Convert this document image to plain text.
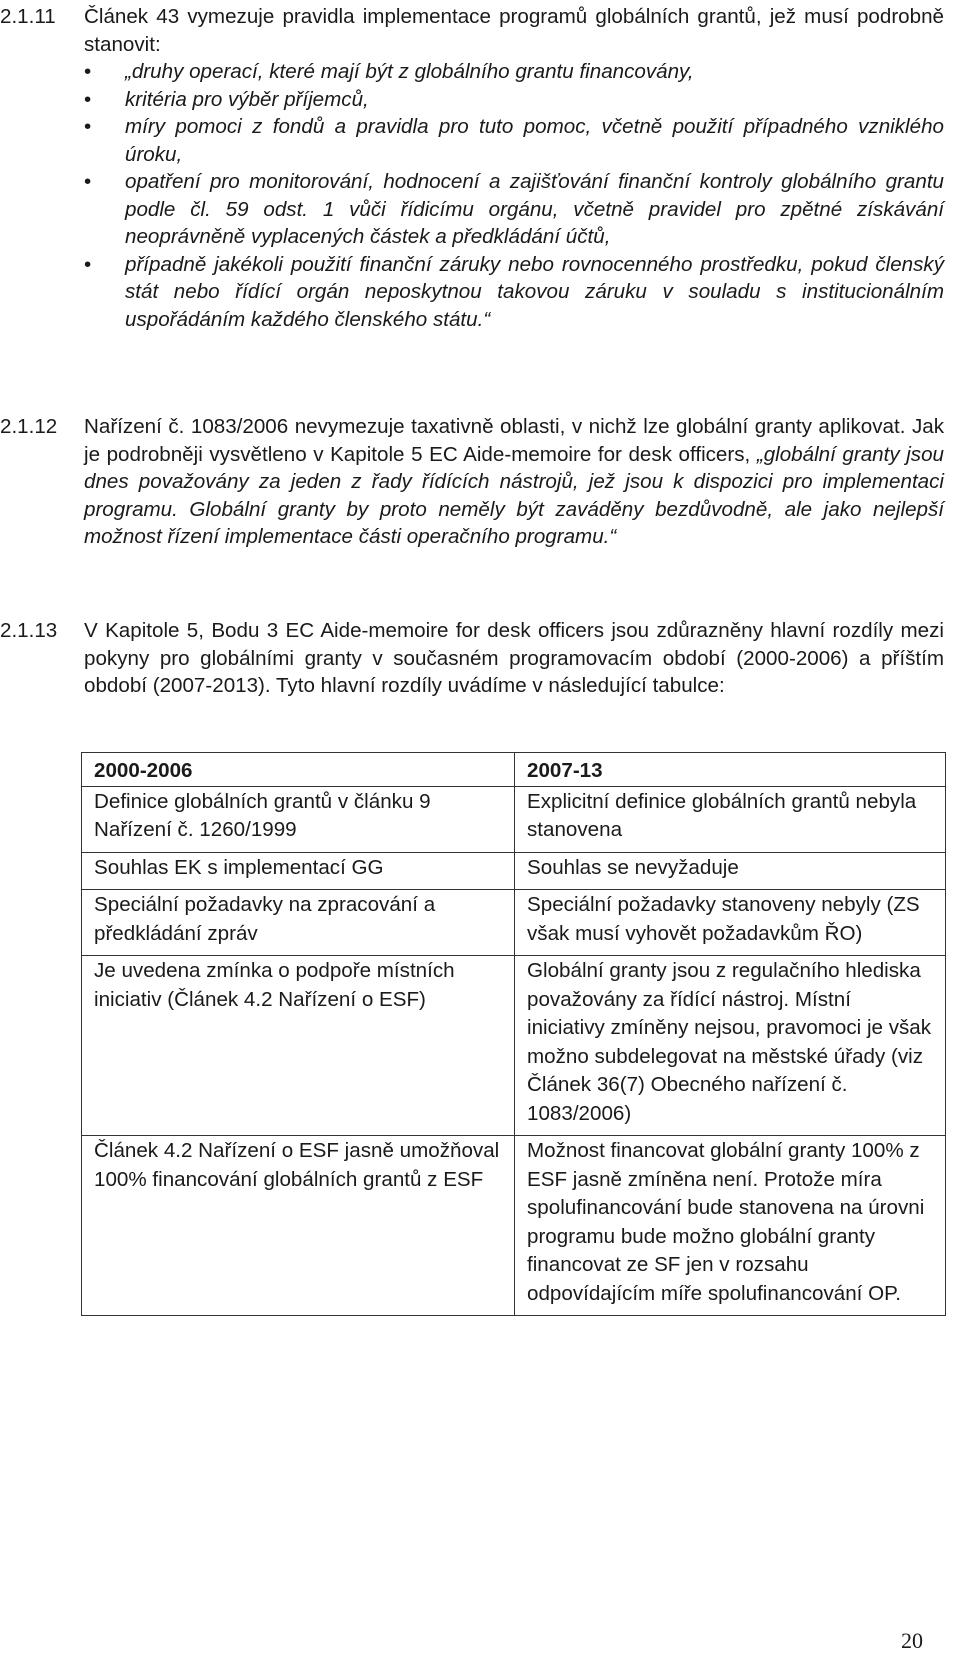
2.1.11 Článek 43 vymezuje pravidla implementace programů globálních grantů, jež musí podrobně stanovit:

• „druhy operací, které mají být z globálního grantu financovány,
• kritéria pro výběr příjemců,
• míry pomoci z fondů a pravidla pro tuto pomoc, včetně použití případného vzniklého úroku,
• opatření pro monitorování, hodnocení a zajišťování finanční kontroly globálního grantu podle čl. 59 odst. 1 vůči řídicímu orgánu, včetně pravidel pro zpětné získávání neoprávněně vyplacených částek a předkládání účtů,
• případně jakékoli použití finanční záruky nebo rovnocenného prostředku, pokud členský stát nebo řídící orgán neposkytnou takovou záruku v souladu s institucionálním uspořádáním každého členského státu.“
2.1.12 Nařízení č. 1083/2006 nevymezuje taxativně oblasti, v nichž lze globální granty aplikovat. Jak je podrobněji vysvětleno v Kapitole 5 EC Aide-memoire for desk officers, „globální granty jsou dnes považovány za jeden z řady řídících nástrojů, jež jsou k dispozici pro implementaci programu. Globální granty by proto neměly být zaváděny bezdůvodně, ale jako nejlepší možnost řízení implementace části operačního programu.“

2.1.13 V Kapitole 5, Bodu 3 EC Aide-memoire for desk officers jsou zdůrazněny hlavní rozdíly mezi pokyny pro globálními granty v současném programovacím období (2000-2006) a příštím období (2007-2013). Tyto hlavní rozdíly uvádíme v následující tabulce:

2000-2006	2007-13
Definice globálních grantů v článku 9 Nařízení č. 1260/1999	Explicitní definice globálních grantů nebyla stanovena
Souhlas EK s implementací GG	Souhlas se nevyžaduje
Speciální požadavky na zpracování a předkládání zpráv	Speciální požadavky stanoveny nebyly (ZS však musí vyhovět požadavkům ŘO)
Je uvedena zmínka o podpoře místních iniciativ (Článek 4.2 Nařízení o ESF)	Globální granty jsou z regulačního hlediska považovány za řídící nástroj. Místní iniciativy zmíněny nejsou, pravomoci je však možno subdelegovat na městské úřady (viz Článek 36(7) Obecného nařízení č. 1083/2006)
Článek 4.2 Nařízení o ESF jasně umožňoval 100% financování globálních grantů z ESF	Možnost financovat globální granty 100% z ESF jasně zmíněna není. Protože míra spolufinancování bude stanovena na úrovni programu bude možno globální granty financovat ze SF jen v rozsahu odpovídajícím míře spolufinancování OP.
20
